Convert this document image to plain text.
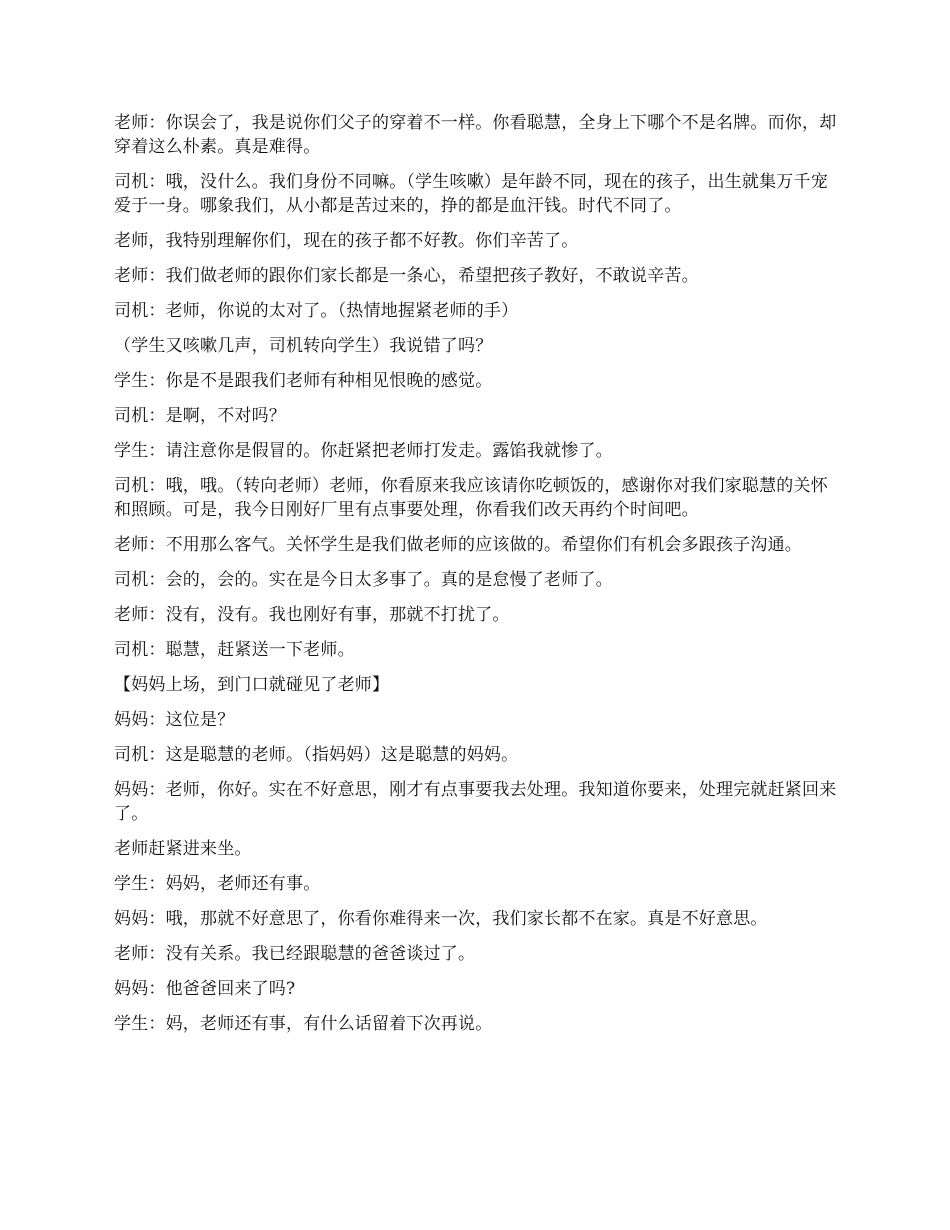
老师：你误会了，我是说你们父子的穿着不一样。你看聪慧，全身上下哪个不是名牌。而你，却穿着这么朴素。真是难得。

司机：哦，没什么。我们身份不同嘛。（学生咳嗽）是年龄不同，现在的孩子，出生就集万千宠爱于一身。哪象我们，从小都是苦过来的，挣的都是血汗钱。时代不同了。

老师，我特别理解你们，现在的孩子都不好教。你们辛苦了。

老师：我们做老师的跟你们家长都是一条心，希望把孩子教好，不敢说辛苦。

司机：老师，你说的太对了。（热情地握紧老师的手）

（学生又咳嗽几声，司机转向学生）我说错了吗？

学生：你是不是跟我们老师有种相见恨晚的感觉。

司机：是啊，不对吗？

学生：请注意你是假冒的。你赶紧把老师打发走。露馅我就惨了。

司机：哦，哦。（转向老师）老师，你看原来我应该请你吃顿饭的，感谢你对我们家聪慧的关怀和照顾。可是，我今日刚好厂里有点事要处理，你看我们改天再约个时间吧。

老师：不用那么客气。关怀学生是我们做老师的应该做的。希望你们有机会多跟孩子沟通。

司机：会的，会的。实在是今日太多事了。真的是怠慢了老师了。

老师：没有，没有。我也刚好有事，那就不打扰了。

司机：聪慧，赶紧送一下老师。

【妈妈上场，到门口就碰见了老师】

妈妈：这位是？

司机：这是聪慧的老师。（指妈妈）这是聪慧的妈妈。

妈妈：老师，你好。实在不好意思，刚才有点事要我去处理。我知道你要来，处理完就赶紧回来了。

老师赶紧进来坐。

学生：妈妈，老师还有事。

妈妈：哦，那就不好意思了，你看你难得来一次，我们家长都不在家。真是不好意思。

老师：没有关系。我已经跟聪慧的爸爸谈过了。

妈妈：他爸爸回来了吗?

学生：妈，老师还有事，有什么话留着下次再说。
